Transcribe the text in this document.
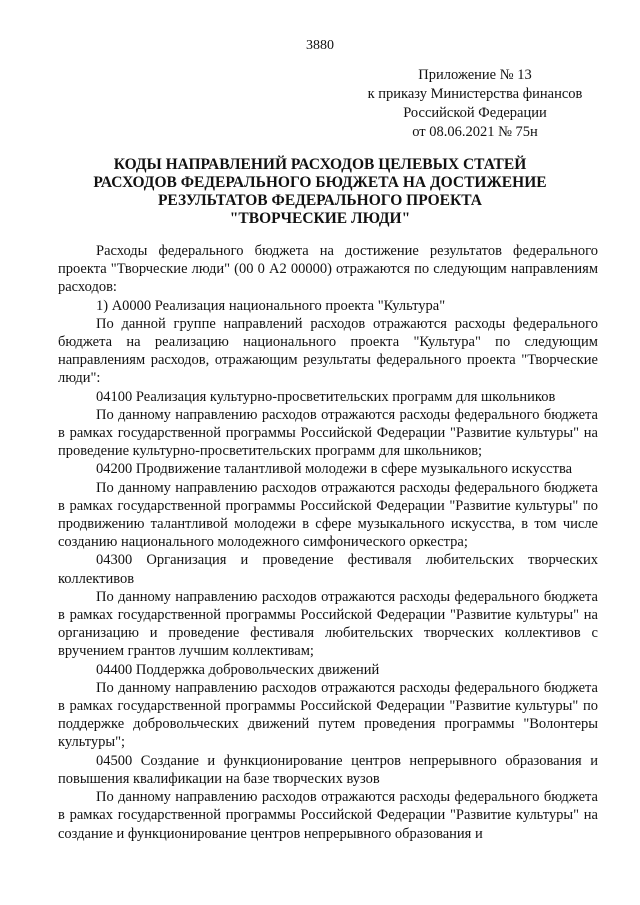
3880
Приложение № 13
к приказу Министерства финансов
Российской Федерации
от 08.06.2021 № 75н
КОДЫ НАПРАВЛЕНИЙ РАСХОДОВ ЦЕЛЕВЫХ СТАТЕЙ
РАСХОДОВ ФЕДЕРАЛЬНОГО БЮДЖЕТА НА ДОСТИЖЕНИЕ
РЕЗУЛЬТАТОВ ФЕДЕРАЛЬНОГО ПРОЕКТА
"ТВОРЧЕСКИЕ ЛЮДИ"

Расходы федерального бюджета на достижение результатов федерального проекта "Творческие люди" (00 0 А2 00000) отражаются по следующим направлениям расходов:

1) А0000 Реализация национального проекта "Культура"

По данной группе направлений расходов отражаются расходы федерального бюджета на реализацию национального проекта "Культура" по следующим направлениям расходов, отражающим результаты федерального проекта "Творческие люди":

04100 Реализация культурно-просветительских программ для школьников

По данному направлению расходов отражаются расходы федерального бюджета в рамках государственной программы Российской Федерации "Развитие культуры" на проведение культурно-просветительских программ для школьников;

04200 Продвижение талантливой молодежи в сфере музыкального искусства

По данному направлению расходов отражаются расходы федерального бюджета в рамках государственной программы Российской Федерации "Развитие культуры" по продвижению талантливой молодежи в сфере музыкального искусства, в том числе созданию национального молодежного симфонического оркестра;

04300 Организация и проведение фестиваля любительских творческих коллективов

По данному направлению расходов отражаются расходы федерального бюджета в рамках государственной программы Российской Федерации "Развитие культуры" на организацию и проведение фестиваля любительских творческих коллективов с вручением грантов лучшим коллективам;

04400 Поддержка добровольческих движений

По данному направлению расходов отражаются расходы федерального бюджета в рамках государственной программы Российской Федерации "Развитие культуры" по поддержке добровольческих движений путем проведения программы "Волонтеры культуры";

04500 Создание и функционирование центров непрерывного образования и повышения квалификации на базе творческих вузов

По данному направлению расходов отражаются расходы федерального бюджета в рамках государственной программы Российской Федерации "Развитие культуры" на создание и функционирование центров непрерывного образования и
